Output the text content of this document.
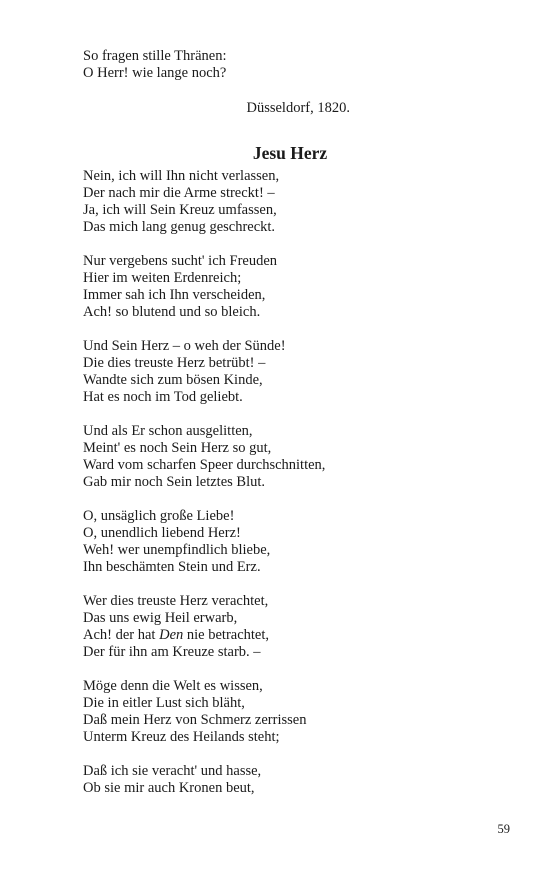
So fragen stille Thränen:
O Herr! wie lange noch?
Düsseldorf, 1820.
Jesu Herz
Nein, ich will Ihn nicht verlassen,
Der nach mir die Arme streckt! –
Ja, ich will Sein Kreuz umfassen,
Das mich lang genug geschreckt.
Nur vergebens sucht' ich Freuden
Hier im weiten Erdenreich;
Immer sah ich Ihn verscheiden,
Ach! so blutend und so bleich.
Und Sein Herz – o weh der Sünde!
Die dies treuste Herz betrübt! –
Wandte sich zum bösen Kinde,
Hat es noch im Tod geliebt.
Und als Er schon ausgelitten,
Meint' es noch Sein Herz so gut,
Ward vom scharfen Speer durchschnitten,
Gab mir noch Sein letztes Blut.
O, unsäglich große Liebe!
O, unendlich liebend Herz!
Weh! wer unempfindlich bliebe,
Ihn beschämten Stein und Erz.
Wer dies treuste Herz verachtet,
Das uns ewig Heil erwarb,
Ach! der hat Den nie betrachtet,
Der für ihn am Kreuze starb. –
Möge denn die Welt es wissen,
Die in eitler Lust sich bläht,
Daß mein Herz von Schmerz zerrissen
Unterm Kreuz des Heilands steht;
Daß ich sie veracht' und hasse,
Ob sie mir auch Kronen beut,
59
